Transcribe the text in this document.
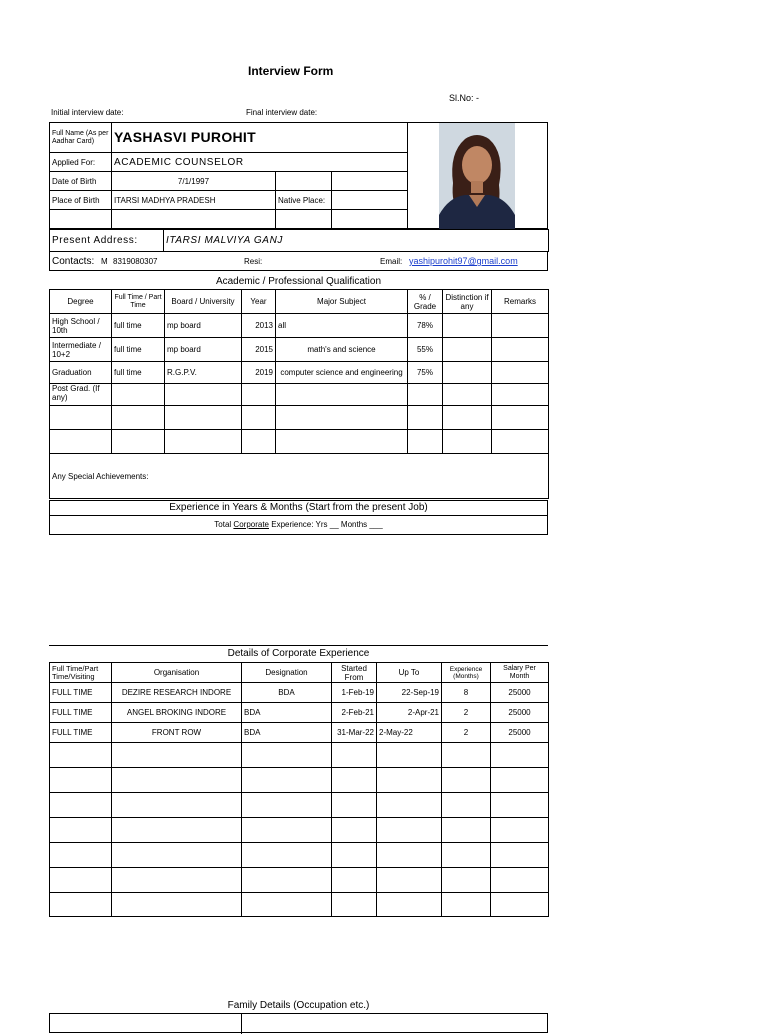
Interview Form
Sl.No: -
Initial interview date:	Final interview date:
Full Name (As per Aadhar Card)	YASHASVI PUROHIT		
Applied For:	ACADEMIC COUNSELOR		
Date of Birth	7/1/1997		
Place of Birth	ITARSI MADHYA PRADESH	Native Place:	

Present Address:	ITARSI MALVIYA GANJ
Contacts: M 8319080307	Resi:	Email: yashipurohit97@gmail.com
Academic / Professional Qualification
Degree	Full Time / Part Time	Board / University	Year	Major Subject	% / Grade	Distinction if any	Remarks
High School / 10th	full time	mp board	2013	all	78%		
Intermediate / 10+2	full time	mp board	2015	math's and science	55%		
Graduation	full time	R.G.P.V.	2019	computer science and engineering	75%		
Post Grad. (If any)							

Any Special Achievements:							
Experience in Years & Months (Start from the present Job)
Total Corporate Experience: Yrs __ Months ___
Details of Corporate Experience
Full Time/Part Time/Visiting	Organisation	Designation	Started From	Up To	Experience (Months)	Salary Per Month
FULL TIME	DEZIRE RESEARCH INDORE	BDA	1-Feb-19	22-Sep-19	8	25000
FULL TIME	ANGEL BROKING INDORE	BDA	2-Feb-21	2-Apr-21	2	25000
FULL TIME	FRONT ROW	BDA	31-Mar-22	2-May-22	2	25000

Family Details (Occupation etc.)
